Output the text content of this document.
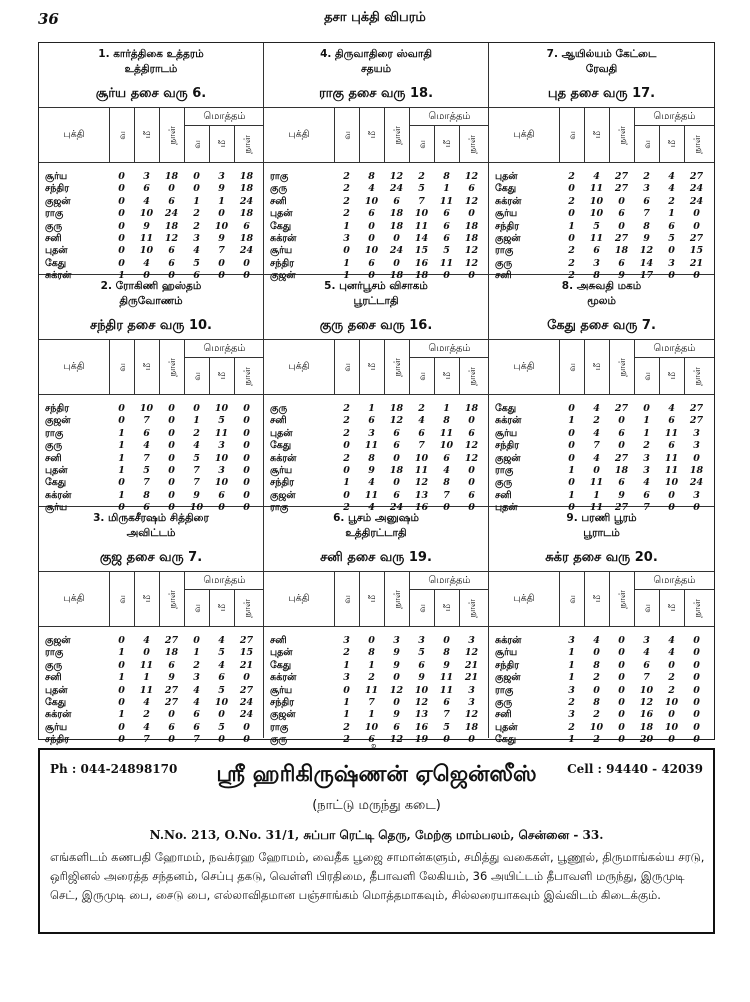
36	தசா புக்தி விபரம்
1. கார்த்திகை உத்தரம்
உத்திராடம்
சூர்ய தசை வரு 6.
புக்தி	வ மீ நாள் வ மீ நாள்
மொத்தம்
சூர்ய	0	3	18	0	3	18
சந்திர	0	6	0	0	9	18
குஜன்	0	4	6	1	1	24
ராகு	0	10	24	2	0	18
குரு	0	9	18	2	10	6
சனி	0	11	12	3	9	18
புதன்	0	10	6	4	7	24
கேது	0	4	6	5	0	0
சுக்ரன்	1	0	0	6	0	0
4. திருவாதிரை ஸ்வாதி
சதயம்
ராகு தசை வரு 18.
புக்தி	வ மீ நாள் வ மீ நாள்
மொத்தம்
ராகு	2	8	12	2	8	12
குரு	2	4	24	5	1	6
சனி	2	10	6	7	11	12
புதன்	2	6	18	10	6	0
கேது	1	0	18	11	6	18
சுக்ரன்	3	0	0	14	6	18
சூர்ய	0	10	24	15	5	12
சந்திர	1	6	0	16	11	12
குஜன்	1	0	18	18	0	0
7. ஆயில்யம் கேட்டை
ரேவதி
புத தசை வரு 17.
புக்தி	வ மீ நாள் வ மீ நாள்
மொத்தம்
புதன்	2	4	27	2	4	27
கேது	0	11	27	3	4	24
சுக்ரன்	2	10	0	6	2	24
சூர்ய	0	10	6	7	1	0
சந்திர	1	5	0	8	6	0
குஜன்	0	11	27	9	5	27
ராகு	2	6	18	12	0	15
குரு	2	3	6	14	3	21
சனி	2	8	9	17	0	0
2. ரோகிணி ஹஸ்தம்
திருவோணம்
சந்திர தசை வரு 10.
புக்தி	வ மீ நாள் வ மீ நாள்
மொத்தம்
சந்திர	0	10	0	0	10	0
குஜன்	0	7	0	1	5	0
ராகு	1	6	0	2	11	0
குரு	1	4	0	4	3	0
சனி	1	7	0	5	10	0
புதன்	1	5	0	7	3	0
கேது	0	7	0	7	10	0
சுக்ரன்	1	8	0	9	6	0
சூர்ய	0	6	0	10	0	0
5. புனர்பூசம் விசாகம்
பூரட்டாதி
குரு தசை வரு 16.
புக்தி	வ மீ நாள் வ மீ நாள்
மொத்தம்
குரு	2	1	18	2	1	18
சனி	2	6	12	4	8	0
புதன்	2	3	6	6	11	6
கேது	0	11	6	7	10	12
சுக்ரன்	2	8	0	10	6	12
சூர்ய	0	9	18	11	4	0
சந்திர	1	4	0	12	8	0
குஜன்	0	11	6	13	7	6
ராகு	2	4	24	16	0	0
8. அசுவதி மகம்
மூலம்
கேது தசை வரு 7.
புக்தி	வ மீ நாள் வ மீ நாள்
மொத்தம்
கேது	0	4	27	0	4	27
சுக்ரன்	1	2	0	1	6	27
சூர்ய	0	4	6	1	11	3
சந்திர	0	7	0	2	6	3
குஜன்	0	4	27	3	11	0
ராகு	1	0	18	3	11	18
குரு	0	11	6	4	10	24
சனி	1	1	9	6	0	3
புதன்	0	11	27	7	0	0
3. மிருகசீரஷம் சித்திரை
அவிட்டம்
குஜ தசை வரு 7.
புக்தி	வ மீ நாள் வ மீ நாள்
மொத்தம்
குஜன்	0	4	27	0	4	27
ராகு	1	0	18	1	5	15
குரு	0	11	6	2	4	21
சனி	1	1	9	3	6	0
புதன்	0	11	27	4	5	27
கேது	0	4	27	4	10	24
சுக்ரன்	1	2	0	6	0	24
சூர்ய	0	4	6	6	5	0
சந்திர	0	7	0	7	0	0
6. பூசம் அனுஷம்
உத்திரட்டாதி
சனி தசை வரு 19.
புக்தி	வ மீ நாள் வ மீ நாள்
மொத்தம்
சனி	3	0	3	3	0	3
புதன்	2	8	9	5	8	12
கேது	1	1	9	6	9	21
சுக்ரன்	3	2	0	9	11	21
சூர்ய	0	11	12	10	11	3
சந்திர	1	7	0	12	6	3
குஜன்	1	1	9	13	7	12
ராகு	2	10	6	16	5	18
குரு	2	6	12	19	0	0
9. பரணி பூரம்
பூராடம்
சுக்ர தசை வரு 20.
புக்தி	வ மீ நாள் வ மீ நாள்
மொத்தம்
சுக்ரன்	3	4	0	3	4	0
சூர்ய	1	0	0	4	4	0
சந்திர	1	8	0	6	0	0
குஜன்	1	2	0	7	2	0
ராகு	3	0	0	10	2	0
குரு	2	8	0	12	10	0
சனி	3	2	0	16	0	0
புதன்	2	10	0	18	10	0
கேது	1	2	0	20	0	0
உ
Ph : 044-24898170	Cell : 94440 - 42039
ஸ்ரீ ஹரிகிருஷ்ணன் ஏஜென்ஸீஸ்
(நாட்டு மருந்து கடை)
N.No. 213, O.No. 31/1, சுப்பா ரெட்டி தெரு, மேற்கு மாம்பலம், சென்னை - 33.
எங்களிடம் கணபதி ஹோமம், நவக்ரஹ ஹோமம், வைதீக பூஜை சாமான்களும், சமித்து வகைகள், பூணூல், திருமாங்கல்ய சரடு, ஒரிஜினல் அரைத்த சந்தனம், செப்பு தகடு, வெள்ளி பிரதிமை, தீபாவளி லேகியம், 36 அயிட்டம் தீபாவளி மருந்து, இருமுடி செட், இருமுடி பை, சைடு பை, எல்லாவிதமான பஞ்சாங்கம் மொத்தமாகவும், சில்லரையாகவும் இவ்விடம் கிடைக்கும்.
